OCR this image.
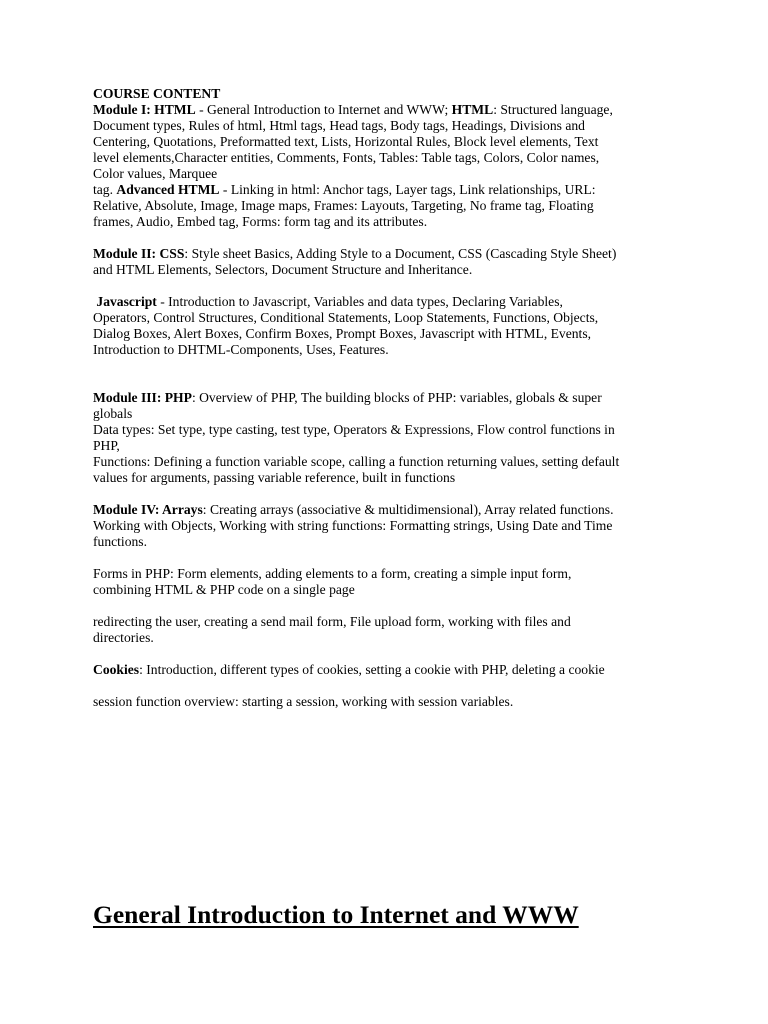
COURSE CONTENT
Module I: HTML - General Introduction to Internet and WWW; HTML: Structured language,
Document types, Rules of html, Html tags, Head tags, Body tags, Headings, Divisions and
Centering, Quotations, Preformatted text, Lists, Horizontal Rules, Block level elements, Text
level elements,Character entities, Comments, Fonts, Tables: Table tags, Colors, Color names,
Color values, Marquee
tag. Advanced HTML - Linking in html: Anchor tags, Layer tags, Link relationships, URL:
Relative, Absolute, Image, Image maps, Frames: Layouts, Targeting, No frame tag, Floating
frames, Audio, Embed tag, Forms: form tag and its attributes.
Module II: CSS: Style sheet Basics, Adding Style to a Document, CSS (Cascading Style Sheet)
and HTML Elements, Selectors, Document Structure and Inheritance.
Javascript - Introduction to Javascript, Variables and data types, Declaring Variables,
Operators, Control Structures, Conditional Statements, Loop Statements, Functions, Objects,
Dialog Boxes, Alert Boxes, Confirm Boxes, Prompt Boxes, Javascript with HTML, Events,
Introduction to DHTML-Components, Uses, Features.
Module III: PHP: Overview of PHP, The building blocks of PHP: variables, globals & super
globals
Data types: Set type, type casting, test type, Operators & Expressions, Flow control functions in
PHP,
Functions: Defining a function variable scope, calling a function returning values, setting default
values for arguments, passing variable reference, built in functions
Module IV: Arrays: Creating arrays (associative & multidimensional), Array related functions.
Working with Objects, Working with string functions: Formatting strings, Using Date and Time
functions.
Forms in PHP: Form elements, adding elements to a form, creating a simple input form,
combining HTML & PHP code on a single page
redirecting the user, creating a send mail form, File upload form, working with files and
directories.
Cookies: Introduction, different types of cookies, setting a cookie with PHP, deleting a cookie
session function overview: starting a session, working with session variables.
General Introduction to Internet and WWW
